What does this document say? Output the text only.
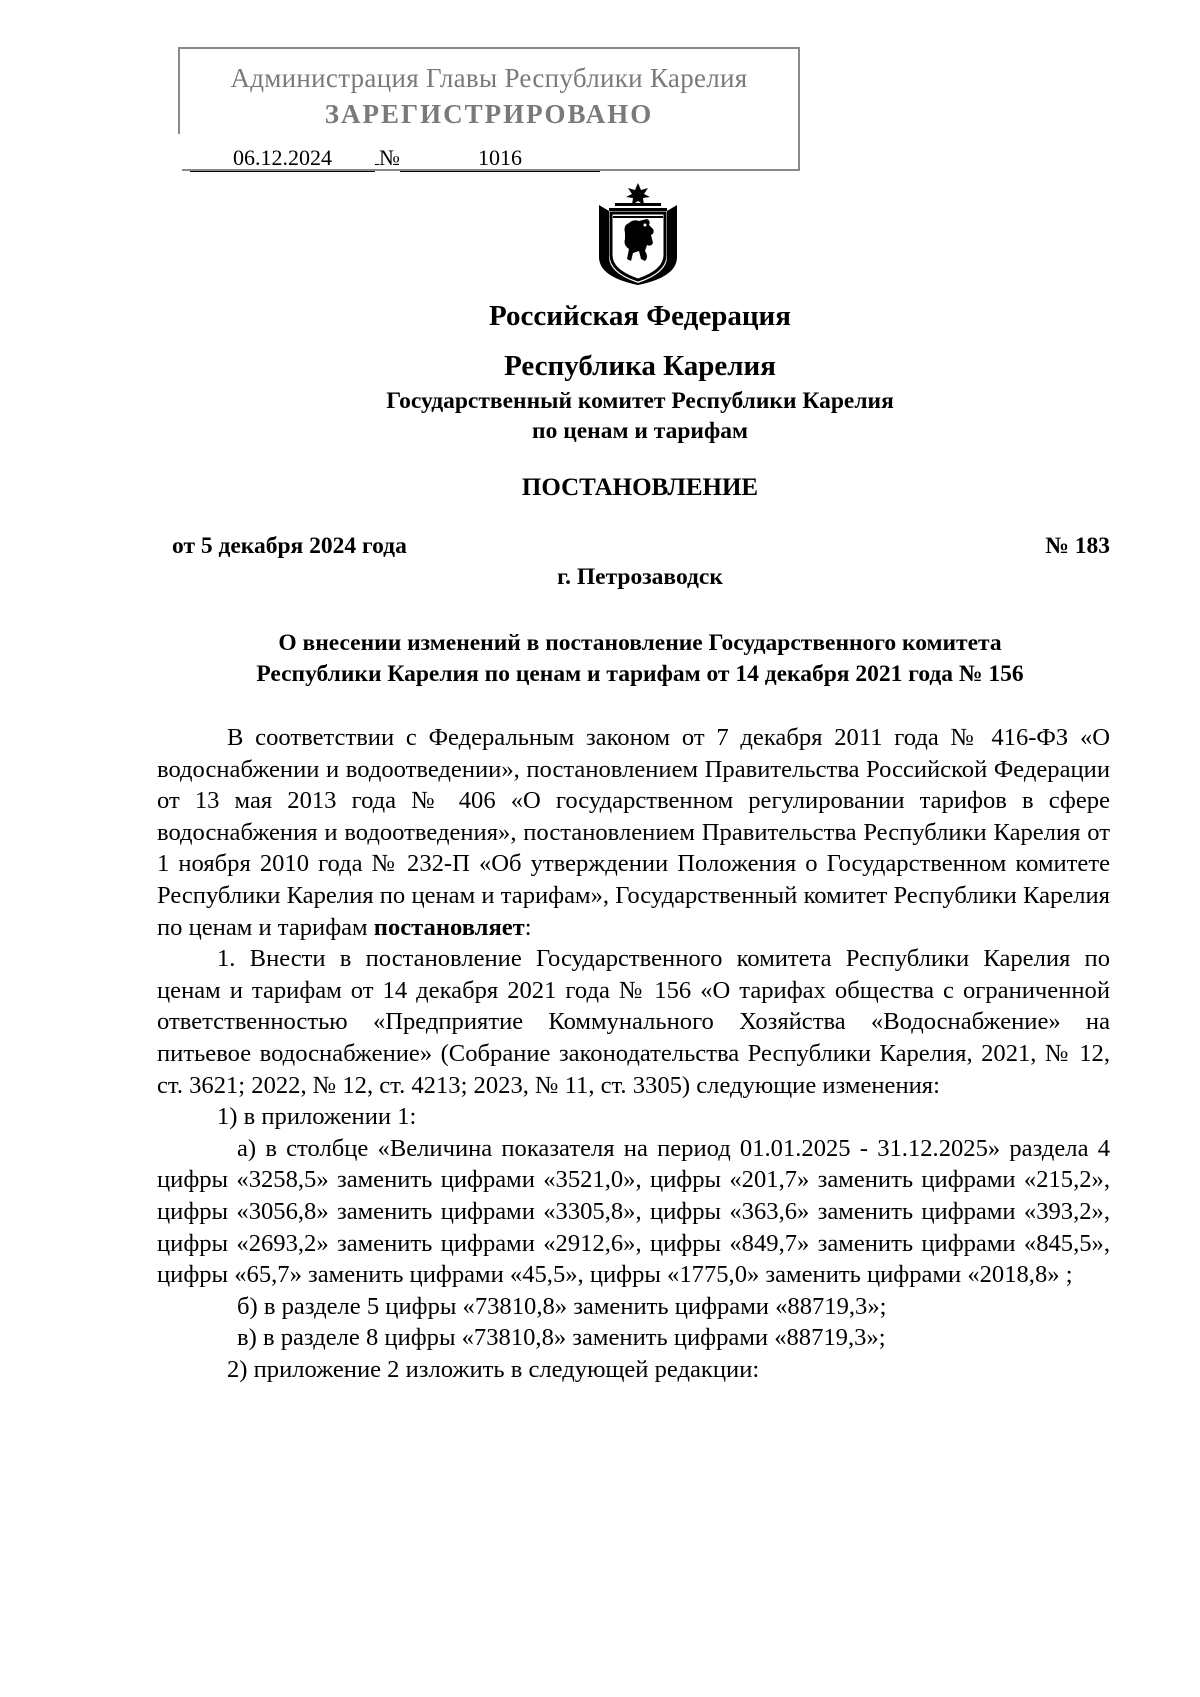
Администрация Главы Республики Карелия
ЗАРЕГИСТРИРОВАНО
06.12.2024 №	1016
Российская Федерация
Республика Карелия
Государственный комитет Республики Карелия
по ценам и тарифам
ПОСТАНОВЛЕНИЕ
от 5 декабря 2024 года	№ 183
г. Петрозаводск
О внесении изменений в постановление Государственного комитета
Республики Карелия по ценам и тарифам от 14 декабря 2021 года № 156

В соответствии с Федеральным законом от 7 декабря 2011 года № 416-ФЗ «О водоснабжении и водоотведении», постановлением Правительства Российской Федерации от 13 мая 2013 года № 406 «О государственном регулировании тарифов в сфере водоснабжения и водоотведения», постановлением Правительства Республики Карелия от 1 ноября 2010 года № 232-П «Об утверждении Положения о Государственном комитете Республики Карелия по ценам и тарифам», Государственный комитет Республики Карелия по ценам и тарифам постановляет:

1. Внести в постановление Государственного комитета Республики Карелия по ценам и тарифам от 14 декабря 2021 года № 156 «О тарифах общества с ограниченной ответственностью «Предприятие Коммунального Хозяйства «Водоснабжение» на питьевое водоснабжение» (Собрание законодательства Республики Карелия, 2021, № 12, ст. 3621; 2022, № 12, ст. 4213; 2023, № 11, ст. 3305) следующие изменения:

1) в приложении 1:

а) в столбце «Величина показателя на период 01.01.2025 - 31.12.2025» раздела 4 цифры «3258,5» заменить цифрами «3521,0», цифры «201,7» заменить цифрами «215,2», цифры «3056,8» заменить цифрами «3305,8», цифры «363,6» заменить цифрами «393,2», цифры «2693,2» заменить цифрами «2912,6», цифры «849,7» заменить цифрами «845,5», цифры «65,7» заменить цифрами «45,5», цифры «1775,0» заменить цифрами «2018,8» ;

б) в разделе 5 цифры «73810,8» заменить цифрами «88719,3»;

в) в разделе 8 цифры «73810,8» заменить цифрами «88719,3»;

2) приложение 2 изложить в следующей редакции:
